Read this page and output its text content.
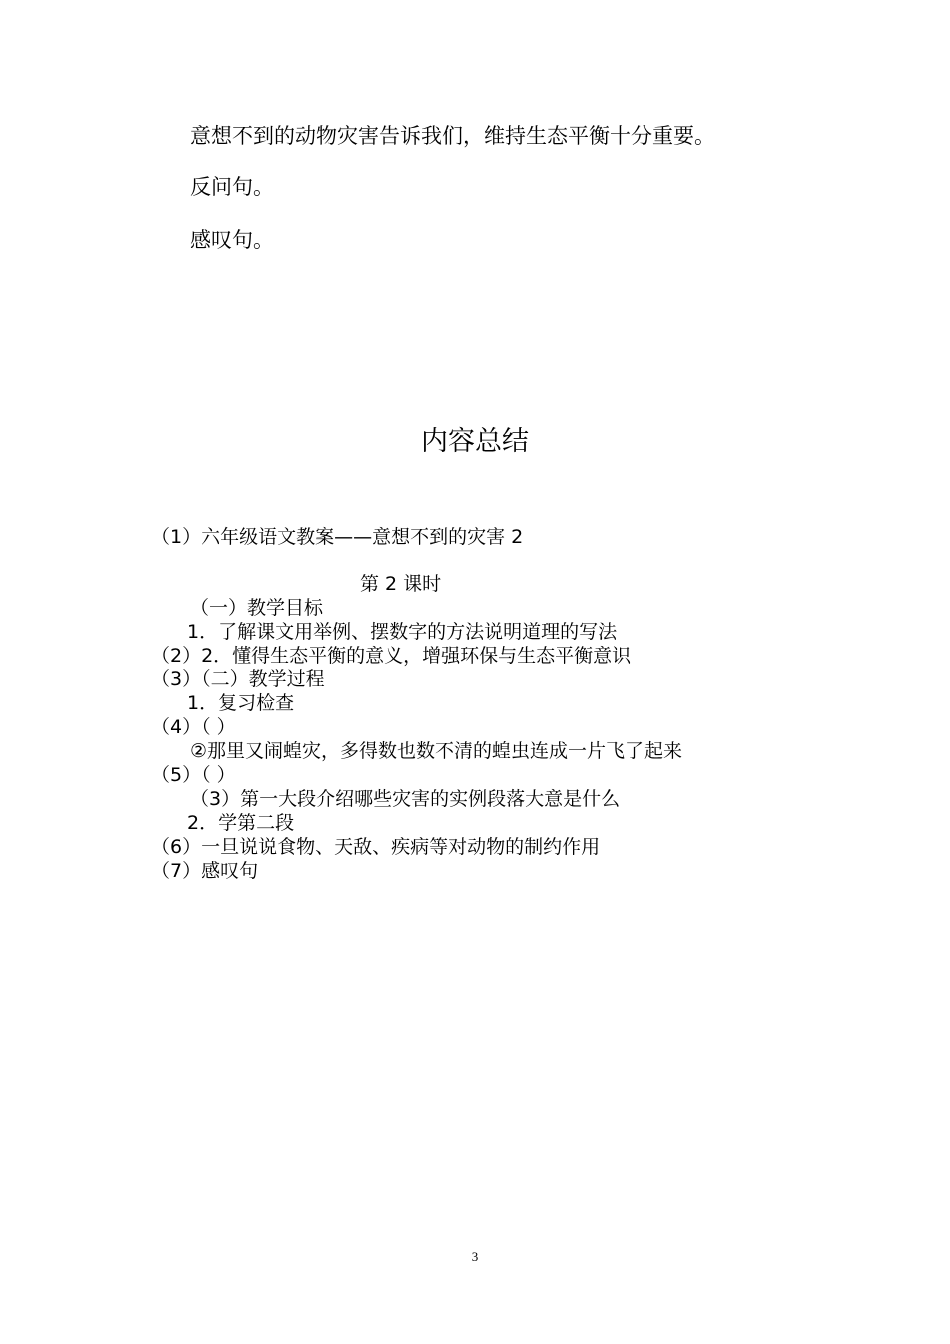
意想不到的动物灾害告诉我们，维持生态平衡十分重要。
反问句。
感叹句。
内容总结
（1）六年级语文教案——意想不到的灾害 2
第 2 课时
（一）教学目标
1．了解课文用举例、摆数字的方法说明道理的写法
（2）2．懂得生态平衡的意义，增强环保与生态平衡意识
（3）（二）教学过程
1．复习检查
（4）（ ）
②那里又闹蝗灾，多得数也数不清的蝗虫连成一片飞了起来
（5）（ ）
（3）第一大段介绍哪些灾害的实例段落大意是什么
2．学第二段
（6）一旦说说食物、天敌、疾病等对动物的制约作用
（7）感叹句
3
